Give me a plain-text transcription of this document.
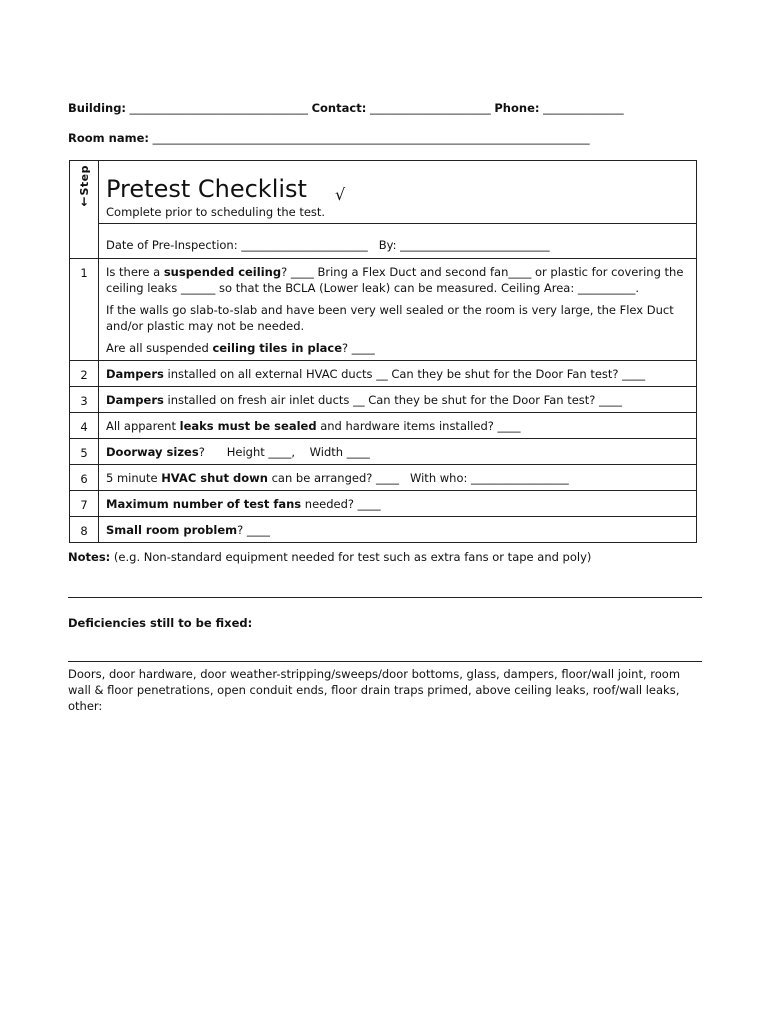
Building: _______________________________ Contact: _____________________ Phone: ______________
Room name: ____________________________________________________________________________
Step
↓	Pretest Checklist √
Complete prior to scheduling the test.

	Date of Pre-Inspection: ______________________ By: __________________________
1	Is there a suspended ceiling? ____ Bring a Flex Duct and second fan____ or plastic for covering the ceiling leaks ______ so that the BCLA (Lower leak) can be measured. Ceiling Area: __________.

If the walls go slab-to-slab and have been very well sealed or the room is very large, the Flex Duct and/or plastic may not be needed.

Are all suspended ceiling tiles in place? ____

2	Dampers installed on all external HVAC ducts __ Can they be shut for the Door Fan test? ____
3	Dampers installed on fresh air inlet ducts __ Can they be shut for the Door Fan test? ____
4	All apparent leaks must be sealed and hardware items installed? ____
5	Doorway sizes?      Height ____,    Width ____
6	5 minute HVAC shut down can be arranged? ____   With who: _________________
7	Maximum number of test fans needed? ____
8	Small room problem? ____
Notes: (e.g. Non-standard equipment needed for test such as extra fans or tape and poly)
Deficiencies still to be fixed:
Doors, door hardware, door weather-stripping/sweeps/door bottoms, glass, dampers, floor/wall joint, room wall & floor penetrations, open conduit ends, floor drain traps primed, above ceiling leaks, roof/wall leaks, other:
